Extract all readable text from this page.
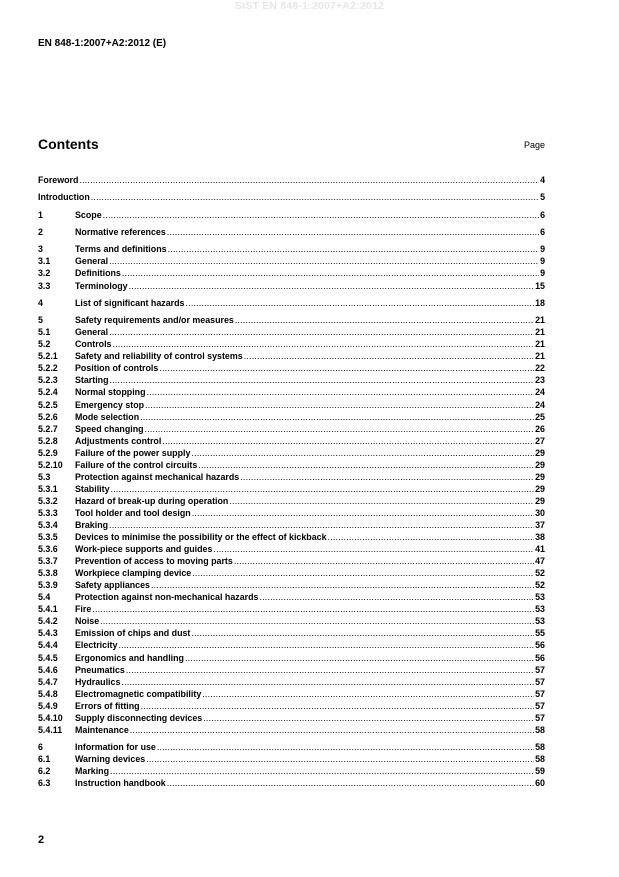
SIST EN 848-1:2007+A2:2012
EN 848-1:2007+A2:2012 (E)
Contents	Page
Foreword .....	4
Introduction .....	5
1	Scope .....	6
2	Normative references .....	6
3	Terms and definitions .....	9
3.1	General .....	9
3.2	Definitions .....	9
3.3	Terminology .....	15
4	List of significant hazards .....	18
5	Safety requirements and/or measures .....	21
5.1	General .....	21
5.2	Controls .....	21
5.2.1	Safety and reliability of control systems .....	21
5.2.2	Position of controls .....	22
5.2.3	Starting .....	23
5.2.4	Normal stopping .....	24
5.2.5	Emergency stop .....	24
5.2.6	Mode selection .....	25
5.2.7	Speed changing .....	26
5.2.8	Adjustments control .....	27
5.2.9	Failure of the power supply .....	29
5.2.10	Failure of the control circuits .....	29
5.3	Protection against mechanical hazards .....	29
5.3.1	Stability .....	29
5.3.2	Hazard of break-up during operation .....	29
5.3.3	Tool holder and tool design .....	30
5.3.4	Braking .....	37
5.3.5	Devices to minimise the possibility or the effect of kickback .....	38
5.3.6	Work-piece supports and guides .....	41
5.3.7	Prevention of access to moving parts .....	47
5.3.8	Workpiece clamping device .....	52
5.3.9	Safety appliances .....	52
5.4	Protection against non-mechanical hazards .....	53
5.4.1	Fire .....	53
5.4.2	Noise .....	53
5.4.3	Emission of chips and dust .....	55
5.4.4	Electricity .....	56
5.4.5	Ergonomics and handling .....	56
5.4.6	Pneumatics .....	57
5.4.7	Hydraulics .....	57
5.4.8	Electromagnetic compatibility .....	57
5.4.9	Errors of fitting .....	57
5.4.10	Supply disconnecting devices .....	57
5.4.11	Maintenance .....	58
6	Information for use .....	58
6.1	Warning devices .....	58
6.2	Marking .....	59
6.3	Instruction handbook .....	60
2
